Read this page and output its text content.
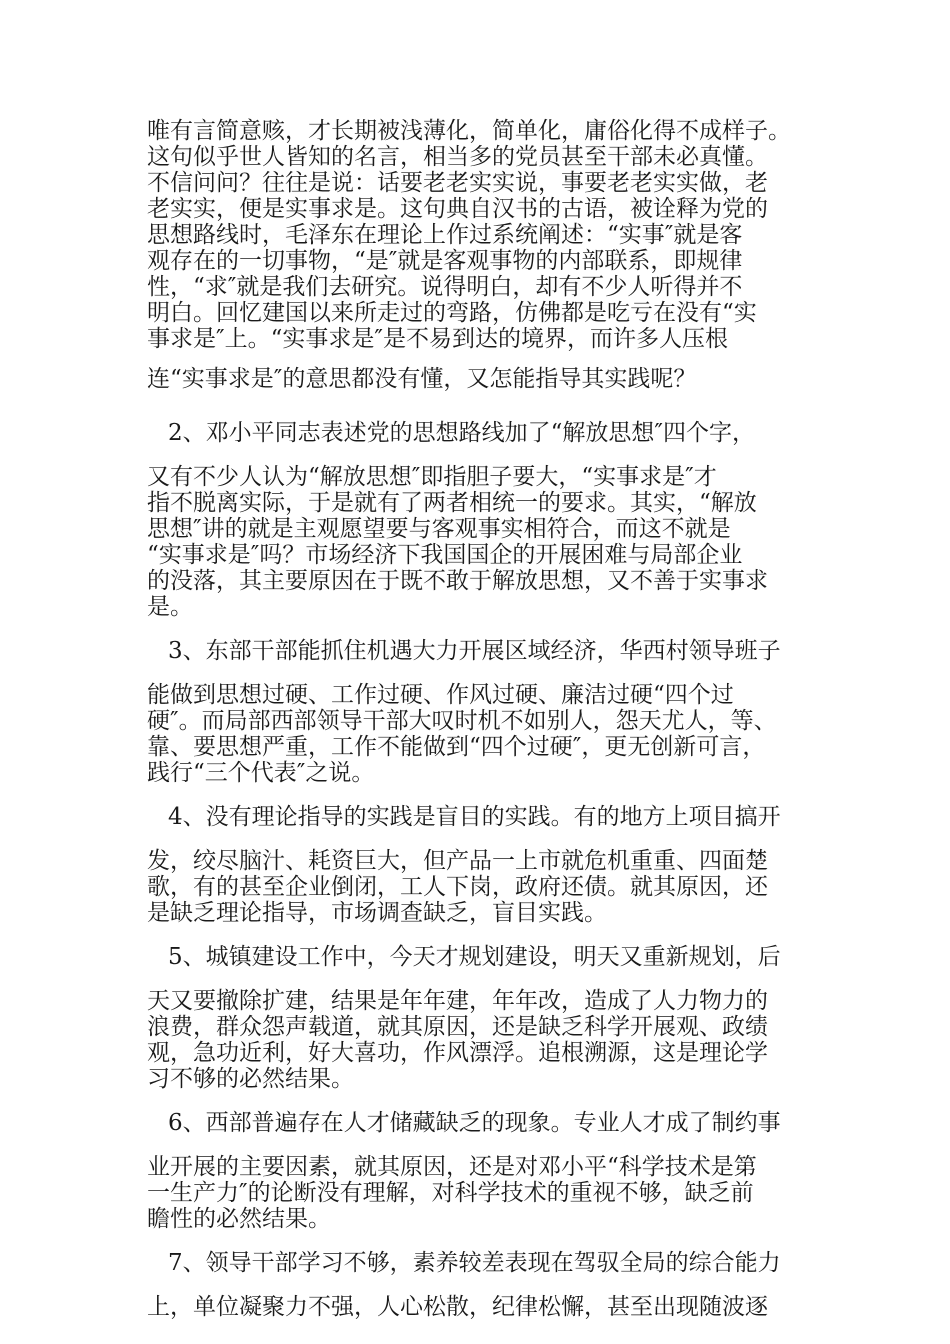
唯有言简意赅，才长期被浅薄化，简单化，庸俗化得不成样子。
这句似乎世人皆知的名言，相当多的党员甚至干部未必真懂。
不信问问？往往是说：话要老老实实说，事要老老实实做，老
老实实，便是实事求是。这句典自汉书的古语，被诠释为党的
思想路线时，毛泽东在理论上作过系统阐述：“实事″就是客
观存在的一切事物，“是″就是客观事物的内部联系，即规律
性，“求″就是我们去研究。说得明白，却有不少人听得并不
明白。回忆建国以来所走过的弯路，仿佛都是吃亏在没有“实
事求是″上。“实事求是″是不易到达的境界，而许多人压根
连“实事求是″的意思都没有懂，又怎能指导其实践呢？
2、邓小平同志表述党的思想路线加了“解放思想″四个字，
又有不少人认为“解放思想″即指胆子要大，“实事求是″才
指不脱离实际，于是就有了两者相统一的要求。其实，“解放
思想″讲的就是主观愿望要与客观事实相符合，而这不就是
“实事求是″吗？市场经济下我国国企的开展困难与局部企业
的没落，其主要原因在于既不敢于解放思想，又不善于实事求
是。
3、东部干部能抓住机遇大力开展区域经济，华西村领导班子
能做到思想过硬、工作过硬、作风过硬、廉洁过硬“四个过
硬″。而局部西部领导干部大叹时机不如别人，怨天尤人，等、
靠、要思想严重，工作不能做到“四个过硬″，更无创新可言，
践行“三个代表″之说。
4、没有理论指导的实践是盲目的实践。有的地方上项目搞开
发，绞尽脑汁、耗资巨大，但产品一上市就危机重重、四面楚
歌，有的甚至企业倒闭，工人下岗，政府还债。就其原因，还
是缺乏理论指导，市场调查缺乏，盲目实践。
5、城镇建设工作中，今天才规划建设，明天又重新规划，后
天又要撤除扩建，结果是年年建，年年改，造成了人力物力的
浪费，群众怨声载道，就其原因，还是缺乏科学开展观、政绩
观，急功近利，好大喜功，作风漂浮。追根溯源，这是理论学
习不够的必然结果。
6、西部普遍存在人才储藏缺乏的现象。专业人才成了制约事
业开展的主要因素，就其原因，还是对邓小平“科学技术是第
一生产力″的论断没有理解，对科学技术的重视不够，缺乏前
瞻性的必然结果。
7、领导干部学习不够，素养较差表现在驾驭全局的综合能力
上，单位凝聚力不强，人心松散，纪律松懈，甚至出现随波逐
